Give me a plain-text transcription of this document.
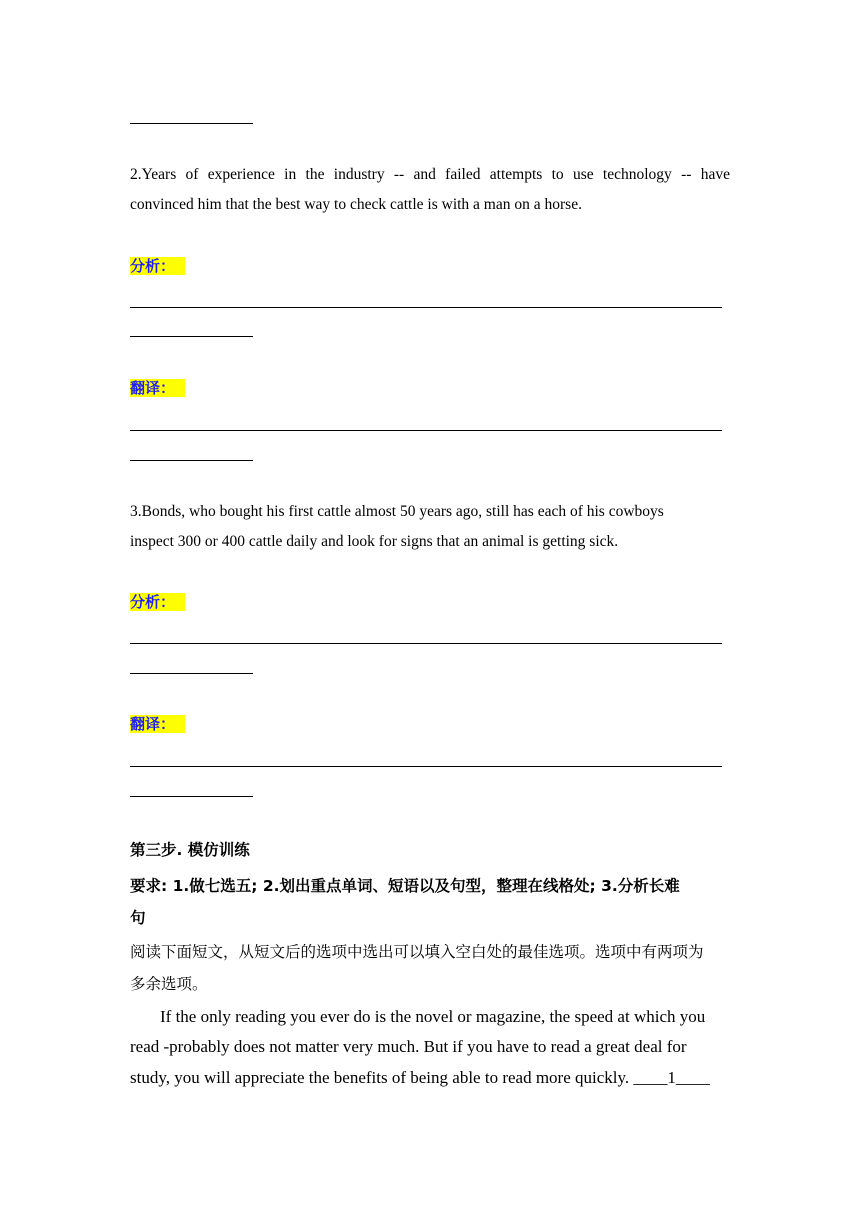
2.Years of experience in the industry -- and failed attempts to use technology -- have
convinced him that the best way to check cattle is with a man on a horse.
分析：
翻译：
3.Bonds, who bought his first cattle almost 50 years ago, still has each of his cowboys
inspect 300 or 400 cattle daily and look for signs that an animal is getting sick.
分析：
翻译：
第三步. 模仿训练
要求: 1.做七选五; 2.划出重点单词、短语以及句型，整理在线格处; 3.分析长难
句
阅读下面短文，从短文后的选项中选出可以填入空白处的最佳选项。选项中有两项为
多余选项。
If the only reading you ever do is the novel or magazine, the speed at which you
read -probably does not matter very much. But if you have to read a great deal for
study, you will appreciate the benefits of being able to read more quickly. ____1____
